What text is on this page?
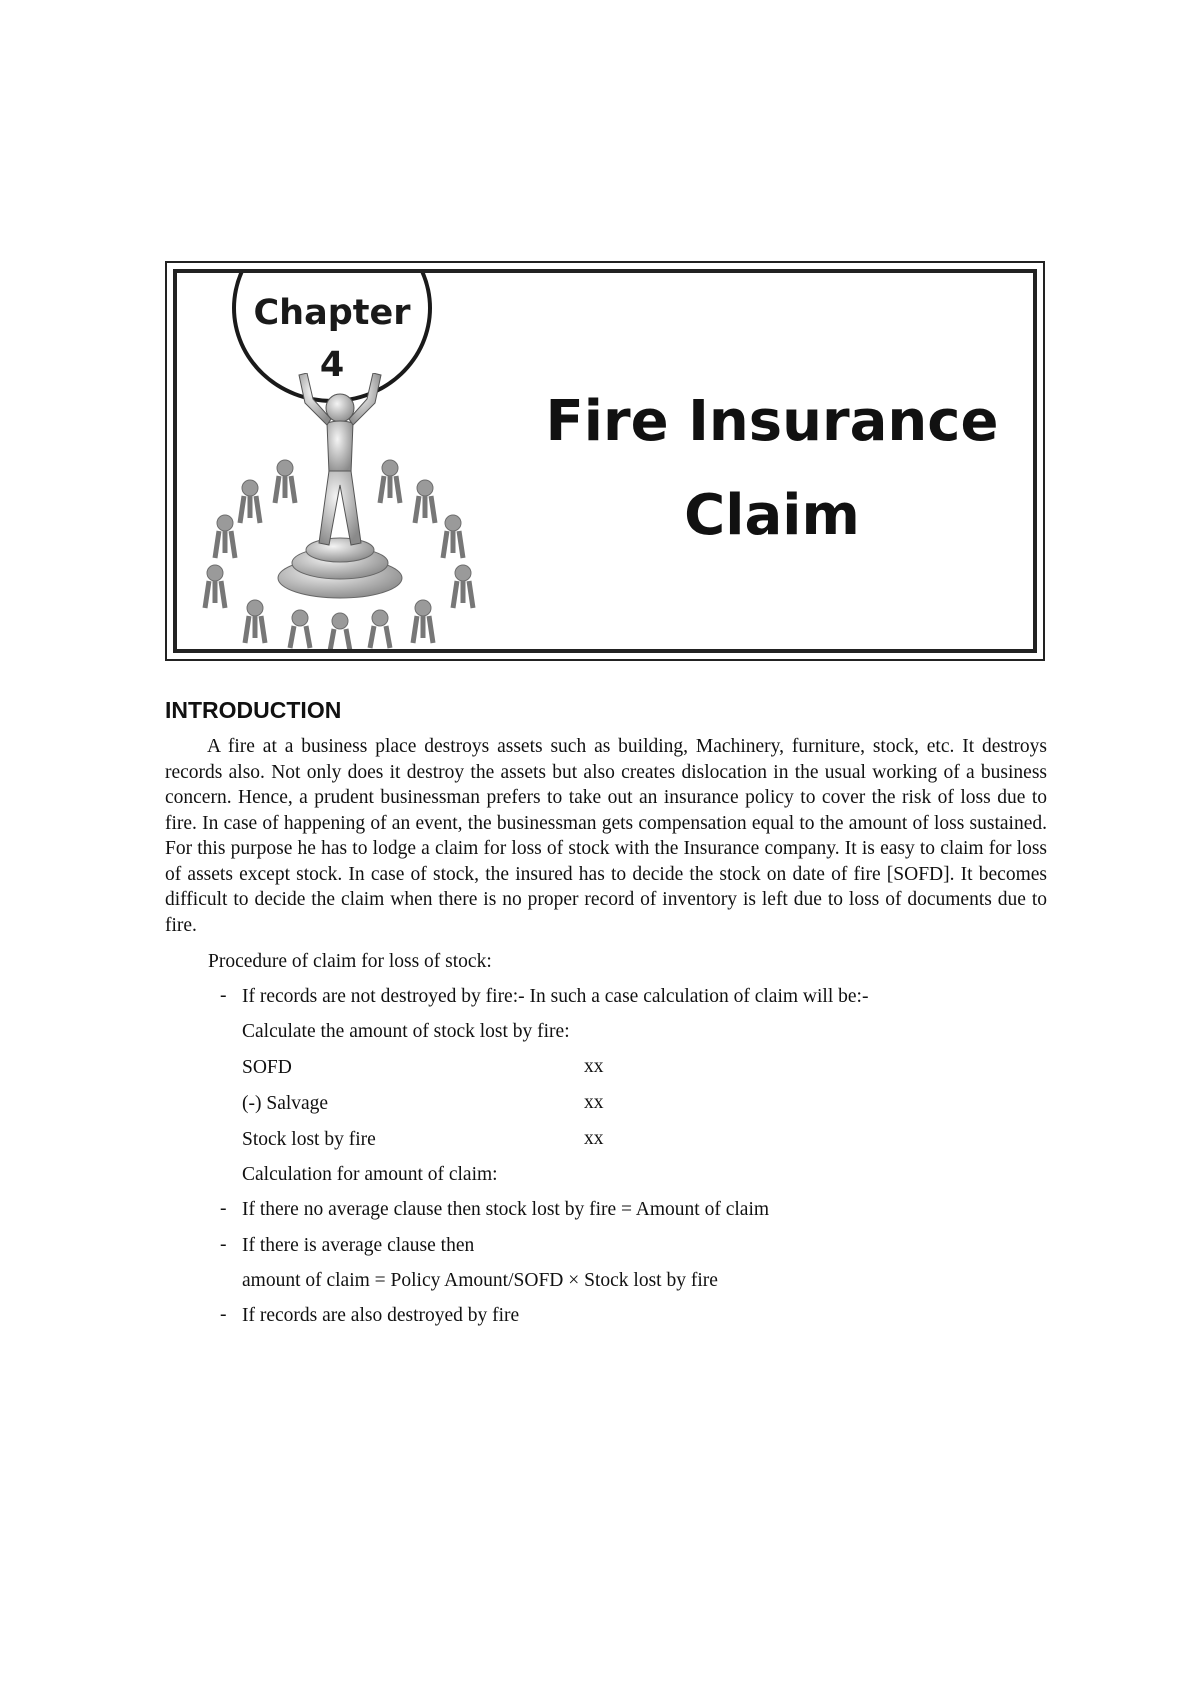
Chapter
4
Fire Insurance
Claim
INTRODUCTION

A fire at a business place destroys assets such as building, Machinery, furniture, stock, etc. It destroys records also. Not only does it destroy the assets but also creates dislocation in the usual working of a business concern. Hence, a prudent businessman prefers to take out an insurance policy to cover the risk of loss due to fire. In case of happening of an event, the businessman gets compensation equal to the amount of loss sustained. For this purpose he has to lodge a claim for loss of stock with the Insurance company. It is easy to claim for loss of assets except stock. In case of stock, the insured has to decide the stock on date of fire [SOFD]. It becomes difficult to decide the claim when there is no proper record of inventory is left due to loss of documents due to fire.

Procedure of claim for loss of stock:

- If records are not destroyed by fire:- In such a case calculation of claim will be:-

Calculate the amount of stock lost by fire:

SOFD	xx

(-) Salvage	xx

Stock lost by fire	xx

Calculation for amount of claim:

- If there no average clause then stock lost by fire = Amount of claim

- If there is average clause then

amount of claim = Policy Amount/SOFD × Stock lost by fire

- If records are also destroyed by fire
